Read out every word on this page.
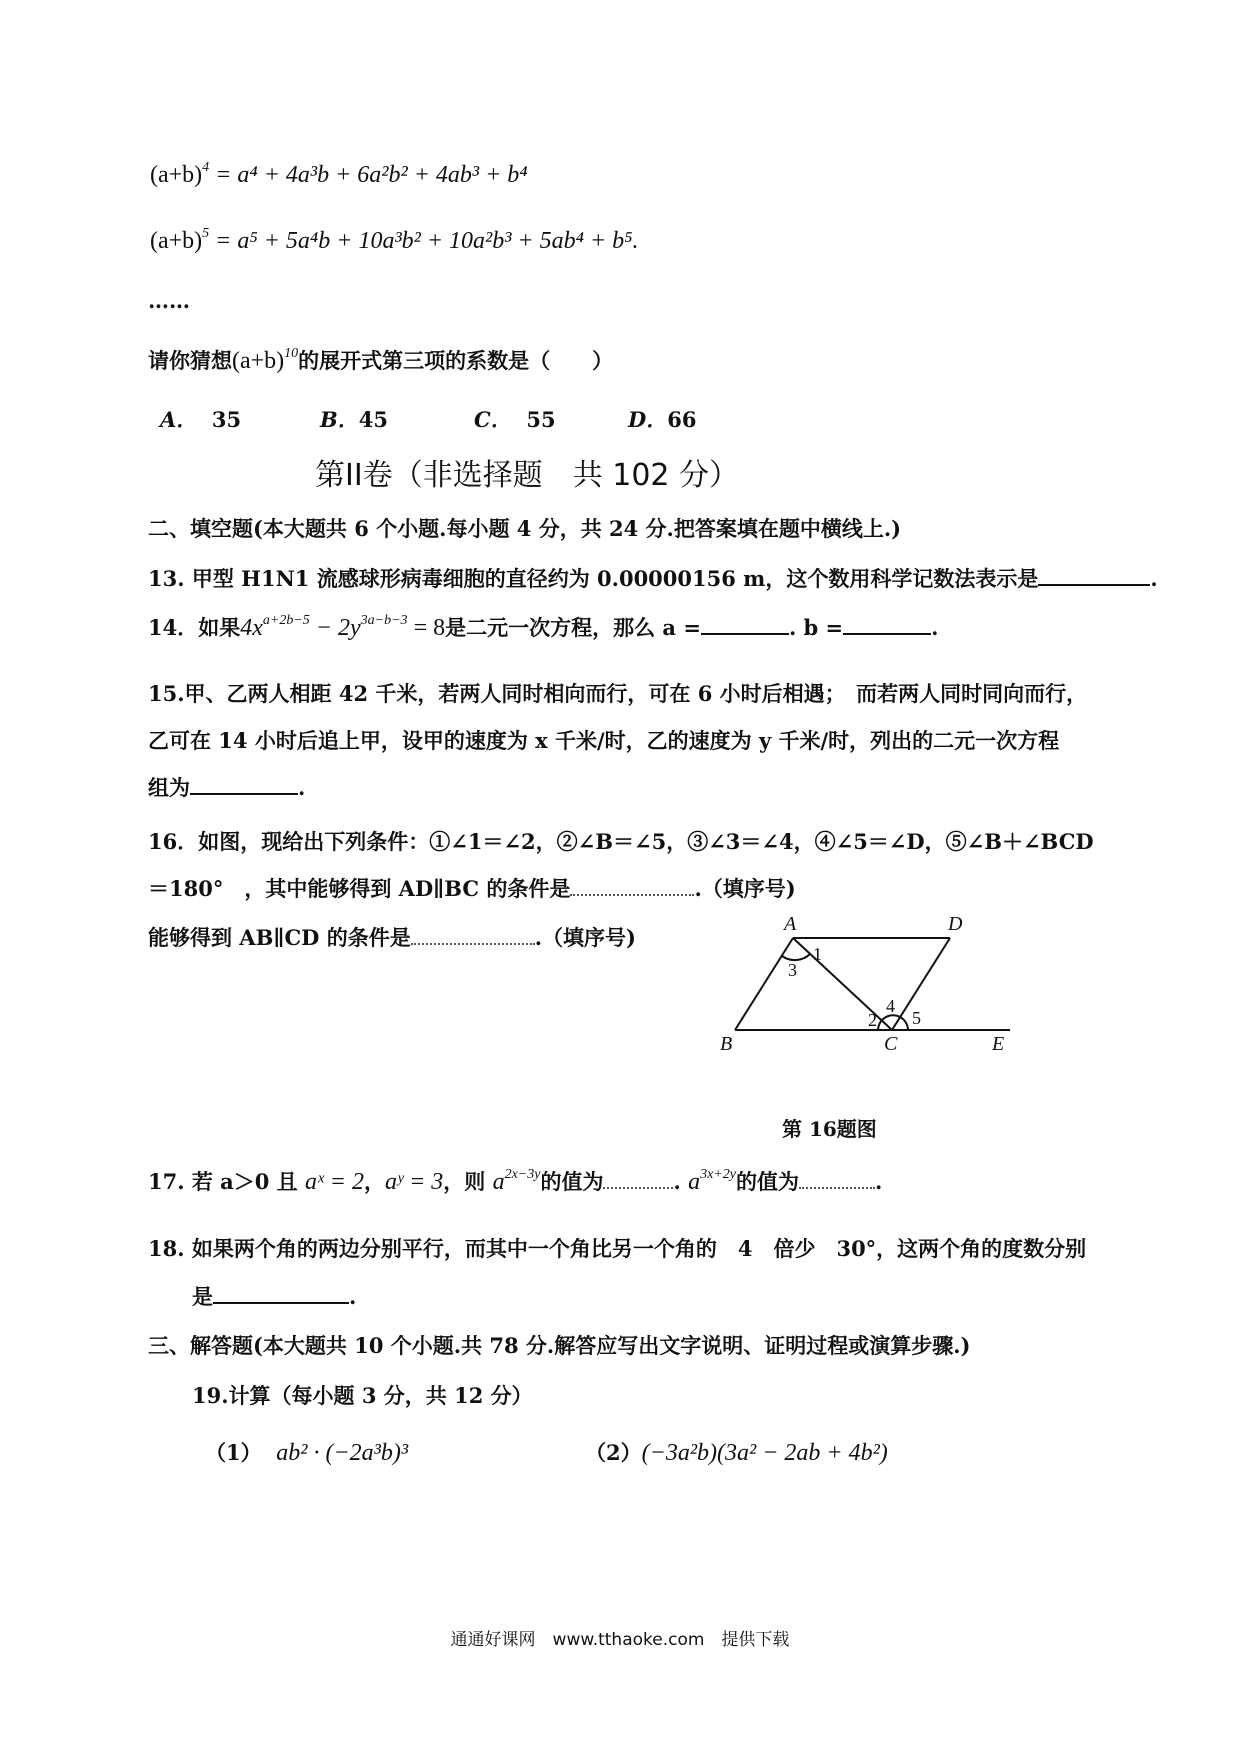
$(a+b)^4 = a^4 + 4a^3b + 6a^2b^2 + 4ab^3 + b^4$
$(a+b)^5 = a^5 + 5a^4b + 10a^3b^2 + 10a^2b^3 + 5ab^4 + b^5$.
……
请你猜想$(a+b)^{10}$的展开式第三项的系数是（　　）
A． 35	B．45	C． 55	D．66
第II卷（非选择题　共 102 分）
二、填空题(本大题共 6 个小题.每小题 4 分，共 24 分.把答案填在题中横线上.)
13. 甲型 H1N1 流感球形病毒细胞的直径约为 0.00000156 m，这个数用科学记数法表示是	.
14．如果$4x^{a+2b-5} - 2y^{3a-b-3} = 8$是二元一次方程，那么 a =	. b =	.
15.甲、乙两人相距 42 千米，若两人同时相向而行，可在 6 小时后相遇；　而若两人同时同向而行，
乙可在 14 小时后追上甲，设甲的速度为 x 千米/时，乙的速度为 y 千米/时，列出的二元一次方程
组为	.
16．如图，现给出下列条件：①∠1＝∠2，②∠B＝∠5，③∠3＝∠4，④∠5＝∠D，⑤∠B＋∠BCD
＝180°　，其中能够得到 AD∥BC 的条件是	.（填序号)
能够得到 AB∥CD 的条件是	.（填序号)
A	D
B	C	E
1
3
2
4
5
第 16题图
17. 若 a＞0 且 aˣ = 2，aʸ = 3，则 $a^{2x-3y}$的值为	. $a^{3x+2y}$的值为	.
18. 如果两个角的两边分别平行，而其中一个角比另一个角的　4　倍少　30°，这两个角的度数分别
是	.
三、解答题(本大题共 10 个小题.共 78 分.解答应写出文字说明、证明过程或演算步骤.)
19.计算（每小题 3 分，共 12 分）
（1） ab² · (−2a³b)³	（2）(−3a²b)(3a² − 2ab + 4b²)
通通好课网　www.tthaoke.com　提供下载
